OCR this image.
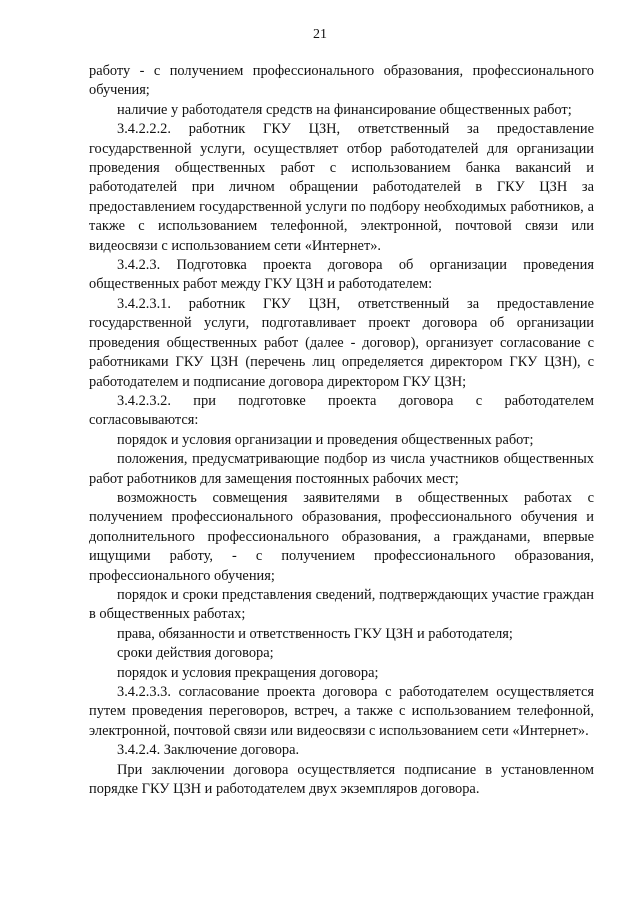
21

работу - с получением профессионального образования, профессионального обучения;

наличие у работодателя средств на финансирование общественных работ;

3.4.2.2.2. работник ГКУ ЦЗН, ответственный за предоставление государственной услуги, осуществляет отбор работодателей для организации проведения общественных работ с использованием банка вакансий и работодателей при личном обращении работодателей в ГКУ ЦЗН за предоставлением государственной услуги по подбору необходимых работников, а также с использованием телефонной, электронной, почтовой связи или видеосвязи с использованием сети «Интернет».

3.4.2.3. Подготовка проекта договора об организации проведения общественных работ между ГКУ ЦЗН и работодателем:

3.4.2.3.1. работник ГКУ ЦЗН, ответственный за предоставление государственной услуги, подготавливает проект договора об организации проведения общественных работ (далее - договор), организует согласование с работниками ГКУ ЦЗН (перечень лиц определяется директором ГКУ ЦЗН), с работодателем и подписание договора директором ГКУ ЦЗН;

3.4.2.3.2. при подготовке проекта договора с работодателем согласовываются:

порядок и условия организации и проведения общественных работ;

положения, предусматривающие подбор из числа участников общественных работ работников для замещения постоянных рабочих мест;

возможность совмещения заявителями в общественных работах с получением профессионального образования, профессионального обучения и дополнительного профессионального образования, а гражданами, впервые ищущими работу, - с получением профессионального образования, профессионального обучения;

порядок и сроки представления сведений, подтверждающих участие граждан в общественных работах;

права, обязанности и ответственность ГКУ ЦЗН и работодателя;

сроки действия договора;

порядок и условия прекращения договора;

3.4.2.3.3. согласование проекта договора с работодателем осуществляется путем проведения переговоров, встреч, а также с использованием телефонной, электронной, почтовой связи или видеосвязи с использованием сети «Интернет».

3.4.2.4. Заключение договора.

При заключении договора осуществляется подписание в установленном порядке ГКУ ЦЗН и работодателем двух экземпляров договора.
